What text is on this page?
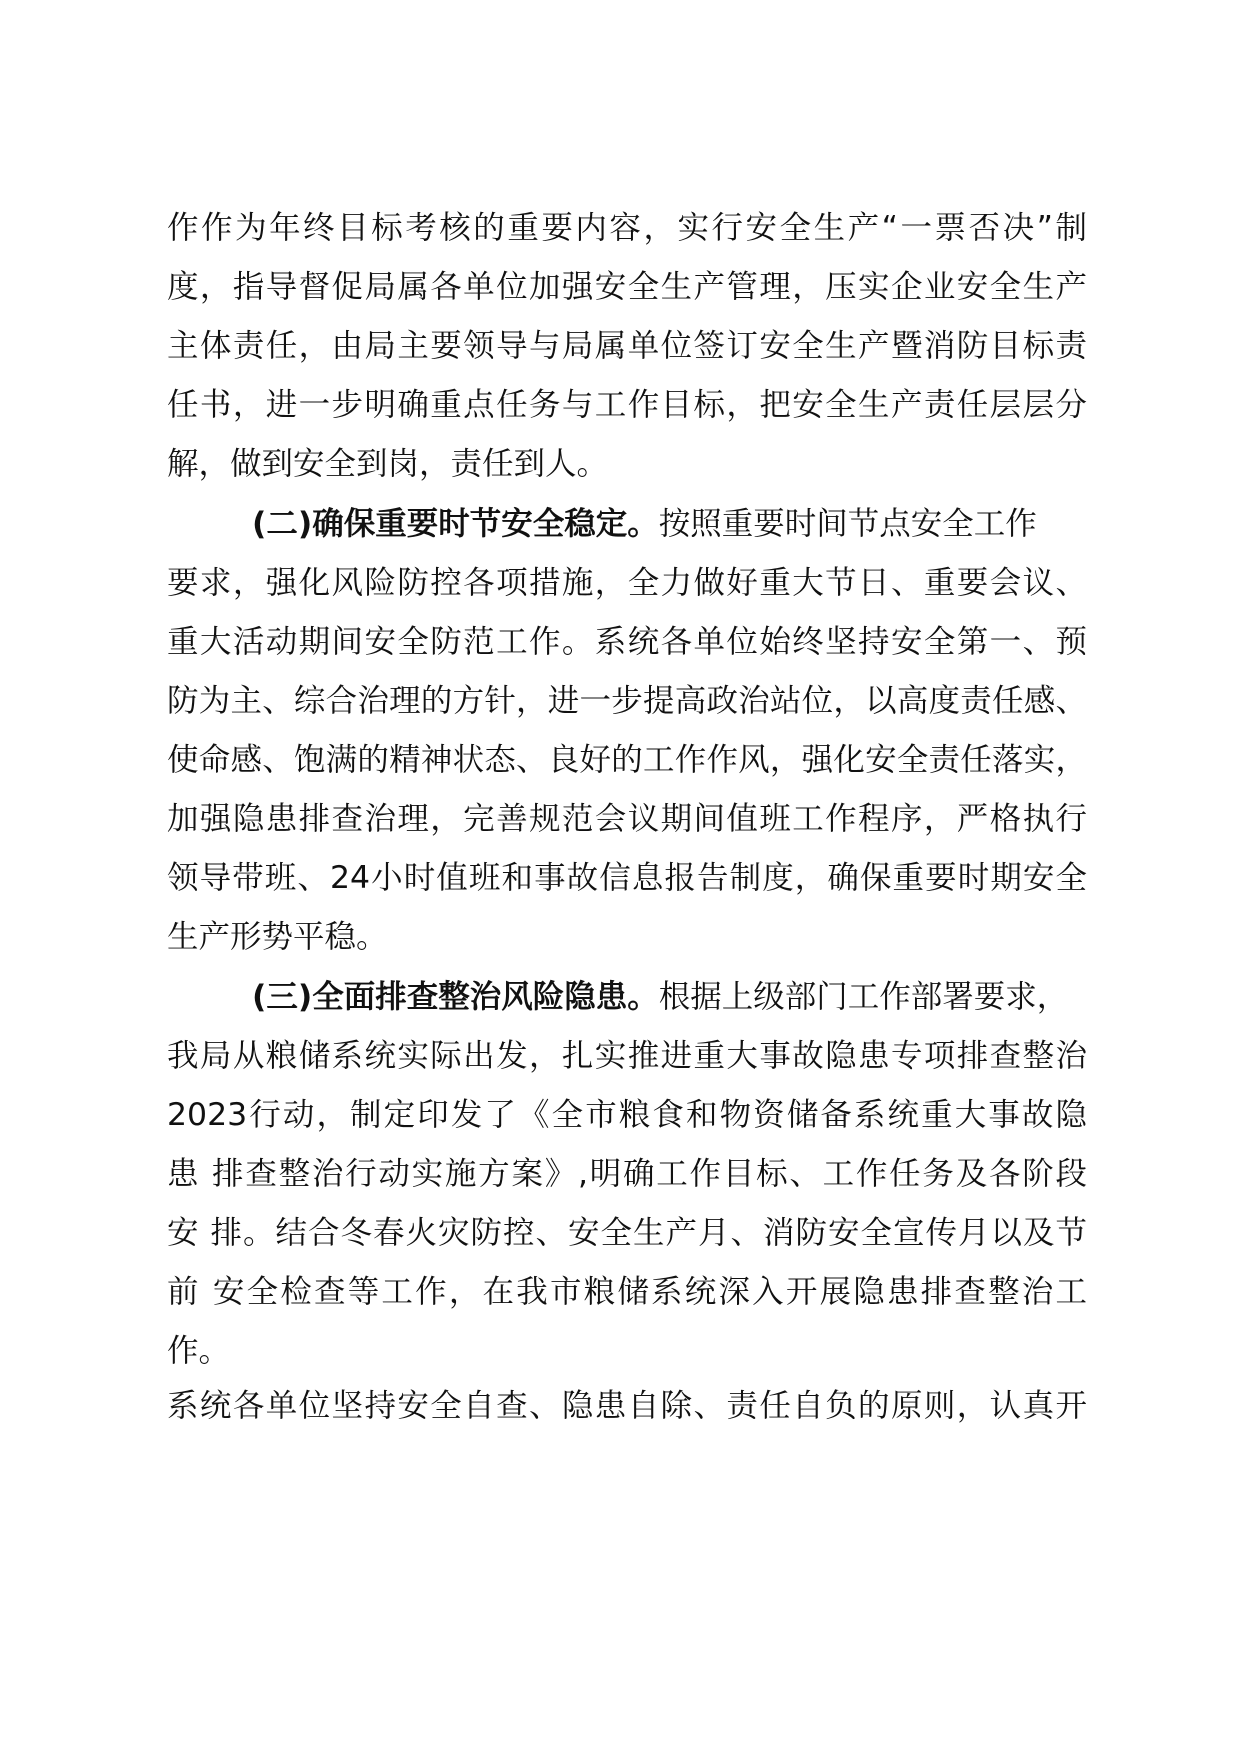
作作为年终目标考核的重要内容，实行安全生产“一票否决”制
度，指导督促局属各单位加强安全生产管理，压实企业安全生产
主体责任，由局主要领导与局属单位签订安全生产暨消防目标责
任书，进一步明确重点任务与工作目标，把安全生产责任层层分
解，做到安全到岗，责任到人。
(二)确保重要时节安全稳定。按照重要时间节点安全工作
要求，强化风险防控各项措施，全力做好重大节日、重要会议、
重大活动期间安全防范工作。系统各单位始终坚持安全第一、预
防为主、综合治理的方针，进一步提高政治站位，以高度责任感、
使命感、饱满的精神状态、良好的工作作风，强化安全责任落实，
加强隐患排查治理，完善规范会议期间值班工作程序，严格执行
领导带班、24小时值班和事故信息报告制度，确保重要时期安全
生产形势平稳。
(三)全面排查整治风险隐患。根据上级部门工作部署要求，
我局从粮储系统实际出发，扎实推进重大事故隐患专项排查整治
2023行动，制定印发了《全市粮食和物资储备系统重大事故隐
患 排查整治行动实施方案》,明确工作目标、工作任务及各阶段
安 排。结合冬春火灾防控、安全生产月、消防安全宣传月以及节
前 安全检查等工作，在我市粮储系统深入开展隐患排查整治工
作。
系统各单位坚持安全自查、隐患自除、责任自负的原则，认真开
